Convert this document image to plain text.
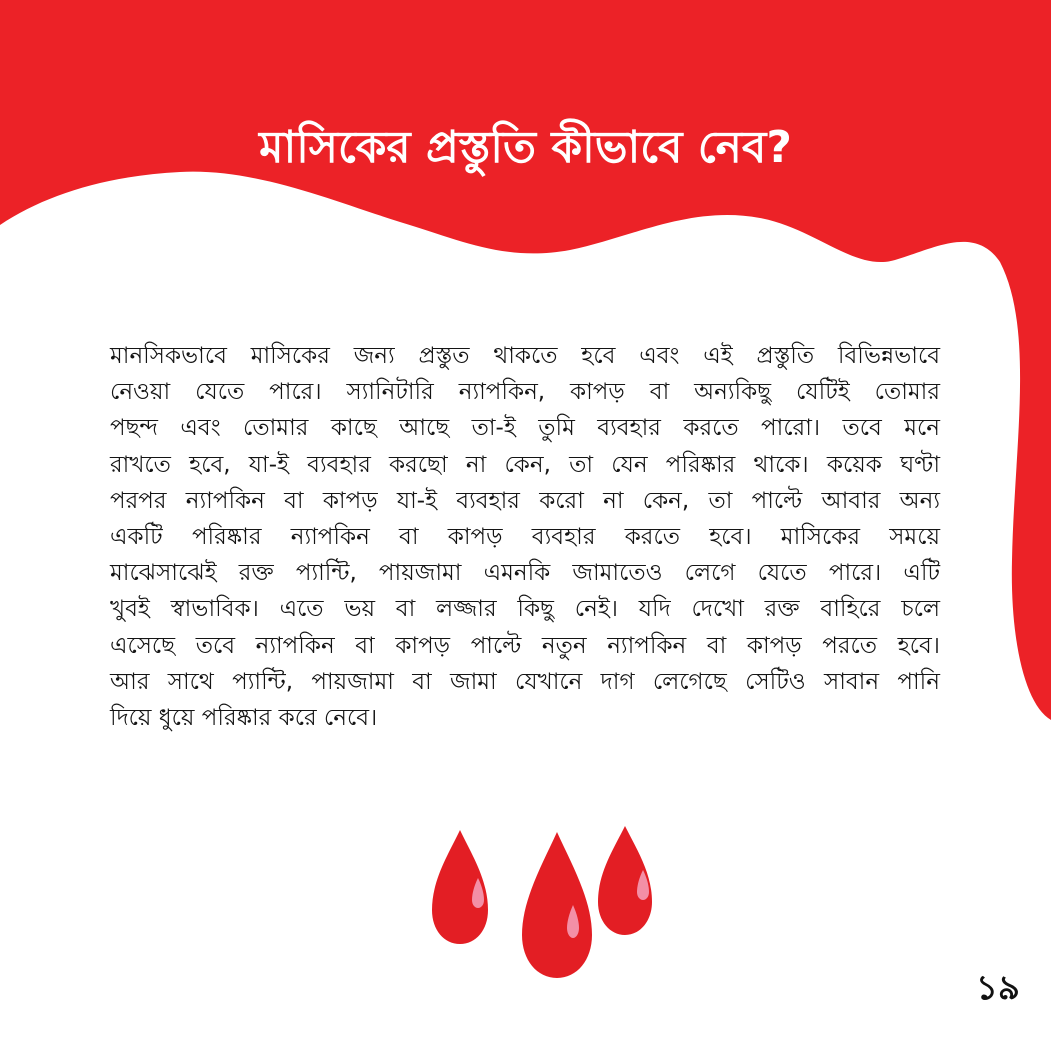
মাসিকের প্রস্তুতি কীভাবে নেব?
মানসিকভাবে মাসিকের জন্য প্রস্তুত থাকতে হবে এবং এই প্রস্তুতি বিভিন্নভাবে
নেওয়া যেতে পারে। স্যানিটারি ন্যাপকিন, কাপড় বা অন্যকিছু যেটিই তোমার
পছন্দ এবং তোমার কাছে আছে তা-ই তুমি ব্যবহার করতে পারো। তবে মনে
রাখতে হবে, যা-ই ব্যবহার করছো না কেন, তা যেন পরিষ্কার থাকে। কয়েক ঘণ্টা
পরপর ন্যাপকিন বা কাপড় যা-ই ব্যবহার করো না কেন, তা পাল্টে আবার অন্য
একটি পরিষ্কার ন্যাপকিন বা কাপড় ব্যবহার করতে হবে। মাসিকের সময়ে
মাঝেসাঝেই রক্ত প্যান্টি, পায়জামা এমনকি জামাতেও লেগে যেতে পারে। এটি
খুবই স্বাভাবিক। এতে ভয় বা লজ্জার কিছু নেই। যদি দেখো রক্ত বাহিরে চলে
এসেছে তবে ন্যাপকিন বা কাপড় পাল্টে নতুন ন্যাপকিন বা কাপড় পরতে হবে।
আর সাথে প্যান্টি, পায়জামা বা জামা যেখানে দাগ লেগেছে সেটিও সাবান পানি
দিয়ে ধুয়ে পরিষ্কার করে নেবে।
১৯
